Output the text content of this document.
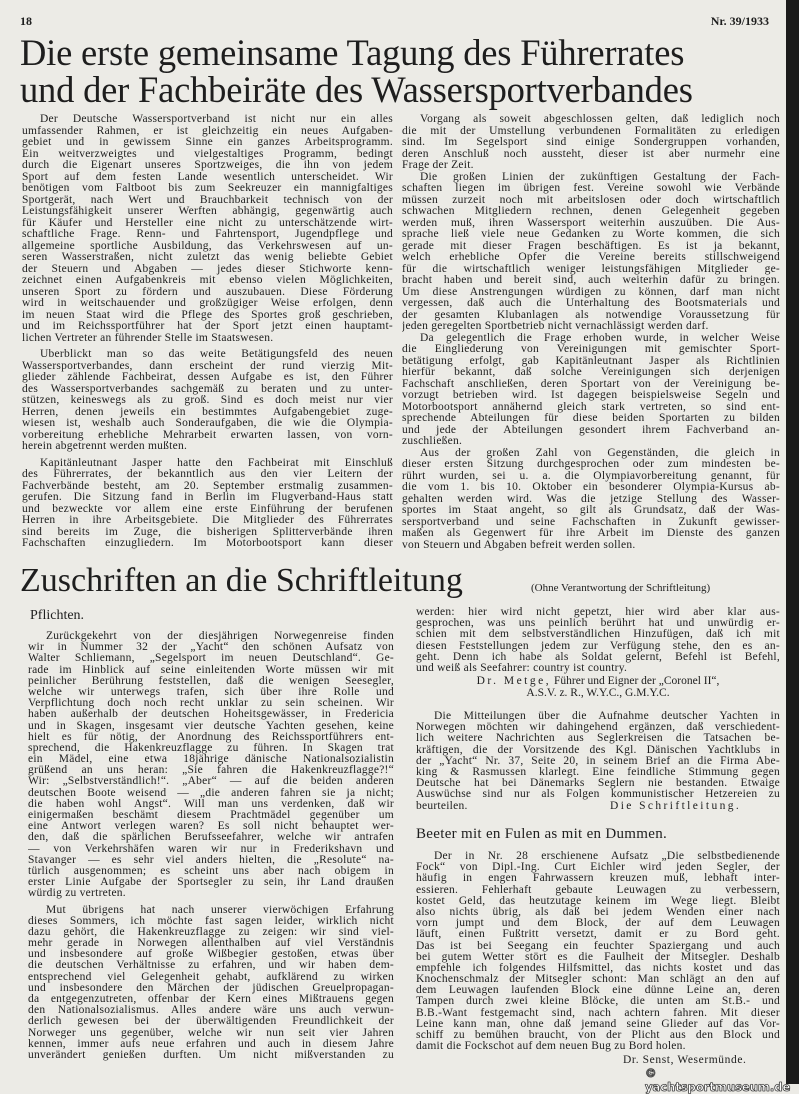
18	Nr. 39/1933
Die erste gemeinsame Tagung des Führerrates
und der Fachbeiräte des Wassersportverbandes
Der Deutsche Wassersportverband ist nicht nur ein alles
umfassender Rahmen, er ist gleichzeitig ein neues Aufgaben-
gebiet und in gewissem Sinne ein ganzes Arbeitsprogramm.
Ein weitverzweigtes und vielgestaltiges Programm, bedingt
durch die Eigenart unseres Sportzweiges, die ihn von jedem
Sport auf dem festen Lande wesentlich unterscheidet. Wir
benötigen vom Faltboot bis zum Seekreuzer ein mannigfaltiges
Sportgerät, nach Wert und Brauchbarkeit technisch von der
Leistungsfähigkeit unserer Werften abhängig, gegenwärtig auch
für Käufer und Hersteller eine nicht zu unterschätzende wirt-
schaftliche Frage. Renn- und Fahrtensport, Jugendpflege und
allgemeine sportliche Ausbildung, das Verkehrswesen auf un-
seren Wasserstraßen, nicht zuletzt das wenig beliebte Gebiet
der Steuern und Abgaben — jedes dieser Stichworte kenn-
zeichnet einen Aufgabenkreis mit ebenso vielen Möglichkeiten,
unseren Sport zu fördern und auszubauen. Diese Förderung
wird in weitschauender und großzügiger Weise erfolgen, denn
im neuen Staat wird die Pflege des Sportes groß geschrieben,
und im Reichssportführer hat der Sport jetzt einen hauptamt-
lichen Vertreter an führender Stelle im Staatswesen.
Überblickt man so das weite Betätigungsfeld des neuen
Wassersportverbandes, dann erscheint der rund vierzig Mit-
glieder zählende Fachbeirat, dessen Aufgabe es ist, den Führer
des Wassersportverbandes sachgemäß zu beraten und zu unter-
stützen, keineswegs als zu groß. Sind es doch meist nur vier
Herren, denen jeweils ein bestimmtes Aufgabengebiet zuge-
wiesen ist, weshalb auch Sonderaufgaben, die wie die Olympia-
vorbereitung erhebliche Mehrarbeit erwarten lassen, von vorn-
herein abgetrennt werden mußten.
Kapitänleutnant Jasper hatte den Fachbeirat mit Einschluß
des Führerrates, der bekanntlich aus den vier Leitern der
Fachverbände besteht, am 20. September erstmalig zusammen-
gerufen. Die Sitzung fand in Berlin im Flugverband-Haus statt
und bezweckte vor allem eine erste Einführung der berufenen
Herren in ihre Arbeitsgebiete. Die Mitglieder des Führerrates
sind bereits im Zuge, die bisherigen Splitterverbände ihren
Fachschaften einzugliedern. Im Motorbootsport kann dieser
Vorgang als soweit abgeschlossen gelten, daß lediglich noch
die mit der Umstellung verbundenen Formalitäten zu erledigen
sind. Im Segelsport sind einige Sondergruppen vorhanden,
deren Anschluß noch aussteht, dieser ist aber nurmehr eine
Frage der Zeit.
Die großen Linien der zukünftigen Gestaltung der Fach-
schaften liegen im übrigen fest. Vereine sowohl wie Verbände
müssen zurzeit noch mit arbeitslosen oder doch wirtschaftlich
schwachen Mitgliedern rechnen, denen Gelegenheit gegeben
werden muß, ihren Wassersport weiterhin auszuüben. Die Aus-
sprache ließ viele neue Gedanken zu Worte kommen, die sich
gerade mit dieser Fragen beschäftigen. Es ist ja bekannt,
welch erhebliche Opfer die Vereine bereits stillschweigend
für die wirtschaftlich weniger leistungsfähigen Mitglieder ge-
bracht haben und bereit sind, auch weiterhin dafür zu bringen.
Um diese Anstrengungen würdigen zu können, darf man nicht
vergessen, daß auch die Unterhaltung des Bootsmaterials und
der gesamten Klubanlagen als notwendige Voraussetzung für
jeden geregelten Sportbetrieb nicht vernachlässigt werden darf.
Da gelegentlich die Frage erhoben wurde, in welcher Weise
die Eingliederung von Vereinigungen mit gemischter Sport-
betätigung erfolgt, gab Kapitänleutnant Jasper als Richtlinien
hierfür bekannt, daß solche Vereinigungen sich derjenigen
Fachschaft anschließen, deren Sportart von der Vereinigung be-
vorzugt betrieben wird. Ist dagegen beispielsweise Segeln und
Motorbootsport annähernd gleich stark vertreten, so sind ent-
sprechende Abteilungen für diese beiden Sportarten zu bilden
und jede der Abteilungen gesondert ihrem Fachverband an-
zuschließen.
Aus der großen Zahl von Gegenständen, die gleich in
dieser ersten Sitzung durchgesprochen oder zum mindesten be-
rührt wurden, sei u. a. die Olympiavorbereitung genannt, für
die vom 1. bis 10. Oktober ein besonderer Olympia-Kursus ab-
gehalten werden wird. Was die jetzige Stellung des Wasser-
sportes im Staat angeht, so gilt als Grundsatz, daß der Was-
sersportverband und seine Fachschaften in Zukunft gewisser-
maßen als Gegenwert für ihre Arbeit im Dienste des ganzen
von Steuern und Abgaben befreit werden sollen.
Zuschriften an die Schriftleitung	(Ohne Verantwortung der Schriftleitung)
Pflichten.
Zurückgekehrt von der diesjährigen Norwegenreise finden
wir in Nummer 32 der „Yacht“ den schönen Aufsatz von
Walter Schliemann, „Segelsport im neuen Deutschland“. Ge-
rade im Hinblick auf seine einleitenden Worte müssen wir mit
peinlicher Berührung feststellen, daß die wenigen Seesegler,
welche wir unterwegs trafen, sich über ihre Rolle und
Verpflichtung doch noch recht unklar zu sein scheinen. Wir
haben außerhalb der deutschen Hoheitsgewässer, in Fredericia
und in Skagen, insgesamt vier deutsche Yachten gesehen, keine
hielt es für nötig, der Anordnung des Reichssportführers ent-
sprechend, die Hakenkreuzflagge zu führen. In Skagen trat
ein Mädel, eine etwa 18jährige dänische Nationalsozialistin
grüßend an uns heran: „Sie fahren die Hakenkreuzflagge?!“
Wir: „Selbstverständlich!“. „Aber“ — auf die beiden anderen
deutschen Boote weisend — „die anderen fahren sie ja nicht;
die haben wohl Angst“. Will man uns verdenken, daß wir
einigermaßen beschämt diesem Prachtmädel gegenüber um
eine Antwort verlegen waren? Es soll nicht behauptet wer-
den, daß die spärlichen Berufsseefahrer, welche wir antrafen
— von Verkehrshäfen waren wir nur in Frederikshavn und
Stavanger — es sehr viel anders hielten, die „Resolute“ na-
türlich ausgenommen; es scheint uns aber nach obigem in
erster Linie Aufgabe der Sportsegler zu sein, ihr Land draußen
würdig zu vertreten.
Mut übrigens hat nach unserer vierwöchigen Erfahrung
dieses Sommers, ich möchte fast sagen leider, wirklich nicht
dazu gehört, die Hakenkreuzflagge zu zeigen: wir sind viel-
mehr gerade in Norwegen allenthalben auf viel Verständnis
und insbesondere auf große Wißbegier gestoßen, etwas über
die deutschen Verhältnisse zu erfahren, und wir haben dem-
entsprechend viel Gelegenheit gehabt, aufklärend zu wirken
und insbesondere den Märchen der jüdischen Greuelpropagan-
da entgegenzutreten, offenbar der Kern eines Mißtrauens gegen
den Nationalsozialismus. Alles andere wäre uns auch verwun-
derlich gewesen bei der überwältigenden Freundlichkeit der
Norweger uns gegenüber, welche wir nun seit vier Jahren
kennen, immer aufs neue erfahren und auch in diesem Jahre
unverändert genießen durften. Um nicht mißverstanden zu
werden: hier wird nicht gepetzt, hier wird aber klar aus-
gesprochen, was uns peinlich berührt hat und unwürdig er-
schien mit dem selbstverständlichen Hinzufügen, daß ich mit
diesen Feststellungen jedem zur Verfügung stehe, den es an-
geht. Denn ich habe als Soldat gelernt, Befehl ist Befehl,
und weiß als Seefahrer: country ist country.
Dr. Metge, Führer und Eigner der „Coronel II“,
A.S.V. z. R., W.Y.C., G.M.Y.C.
Die Mitteilungen über die Aufnahme deutscher Yachten in
Norwegen möchten wir dahingehend ergänzen, daß verschiedent-
lich weitere Nachrichten aus Seglerkreisen die Tatsachen be-
kräftigen, die der Vorsitzende des Kgl. Dänischen Yachtklubs in
der „Yacht“ Nr. 37, Seite 20, in seinem Brief an die Firma Abe-
king & Rasmussen klarlegt. Eine feindliche Stimmung gegen
Deutsche hat bei Dänemarks Seglern nie bestanden. Etwaige
Auswüchse sind nur als Folgen kommunistischer Hetzereien zu
beurteilen.	Die Schriftleitung.
Beeter mit en Fulen as mit en Dummen.
Der in Nr. 28 erschienene Aufsatz „Die selbstbedienende
Fock“ von Dipl.-Ing. Curt Eichler wird jeden Segler, der
häufig in engen Fahrwassern kreuzen muß, lebhaft inter-
essieren. Fehlerhaft gebaute Leuwagen zu verbessern,
kostet Geld, das heutzutage keinem im Wege liegt. Bleibt
also nichts übrig, als daß bei jedem Wenden einer nach
vorn jumpt und dem Block, der auf dem Leuwagen
läuft, einen Fußtritt versetzt, damit er zu Bord geht.
Das ist bei Seegang ein feuchter Spaziergang und auch
bei gutem Wetter stört es die Faulheit der Mitsegler. Deshalb
empfehle ich folgendes Hilfsmittel, das nichts kostet und das
Knochenschmalz der Mitsegler schont: Man schlägt an den auf
dem Leuwagen laufenden Block eine dünne Leine an, deren
Tampen durch zwei kleine Blöcke, die unten am St.B.- und
B.B.-Want festgemacht sind, nach achtern fahren. Mit dieser
Leine kann man, ohne daß jemand seine Glieder auf das Vor-
schiff zu bemühen braucht, von der Plicht aus den Block und
damit die Fockschot auf dem neuen Bug zu Bord holen.
Dr. Senst, Wesermünde.
© yachtsportmuseum.de
